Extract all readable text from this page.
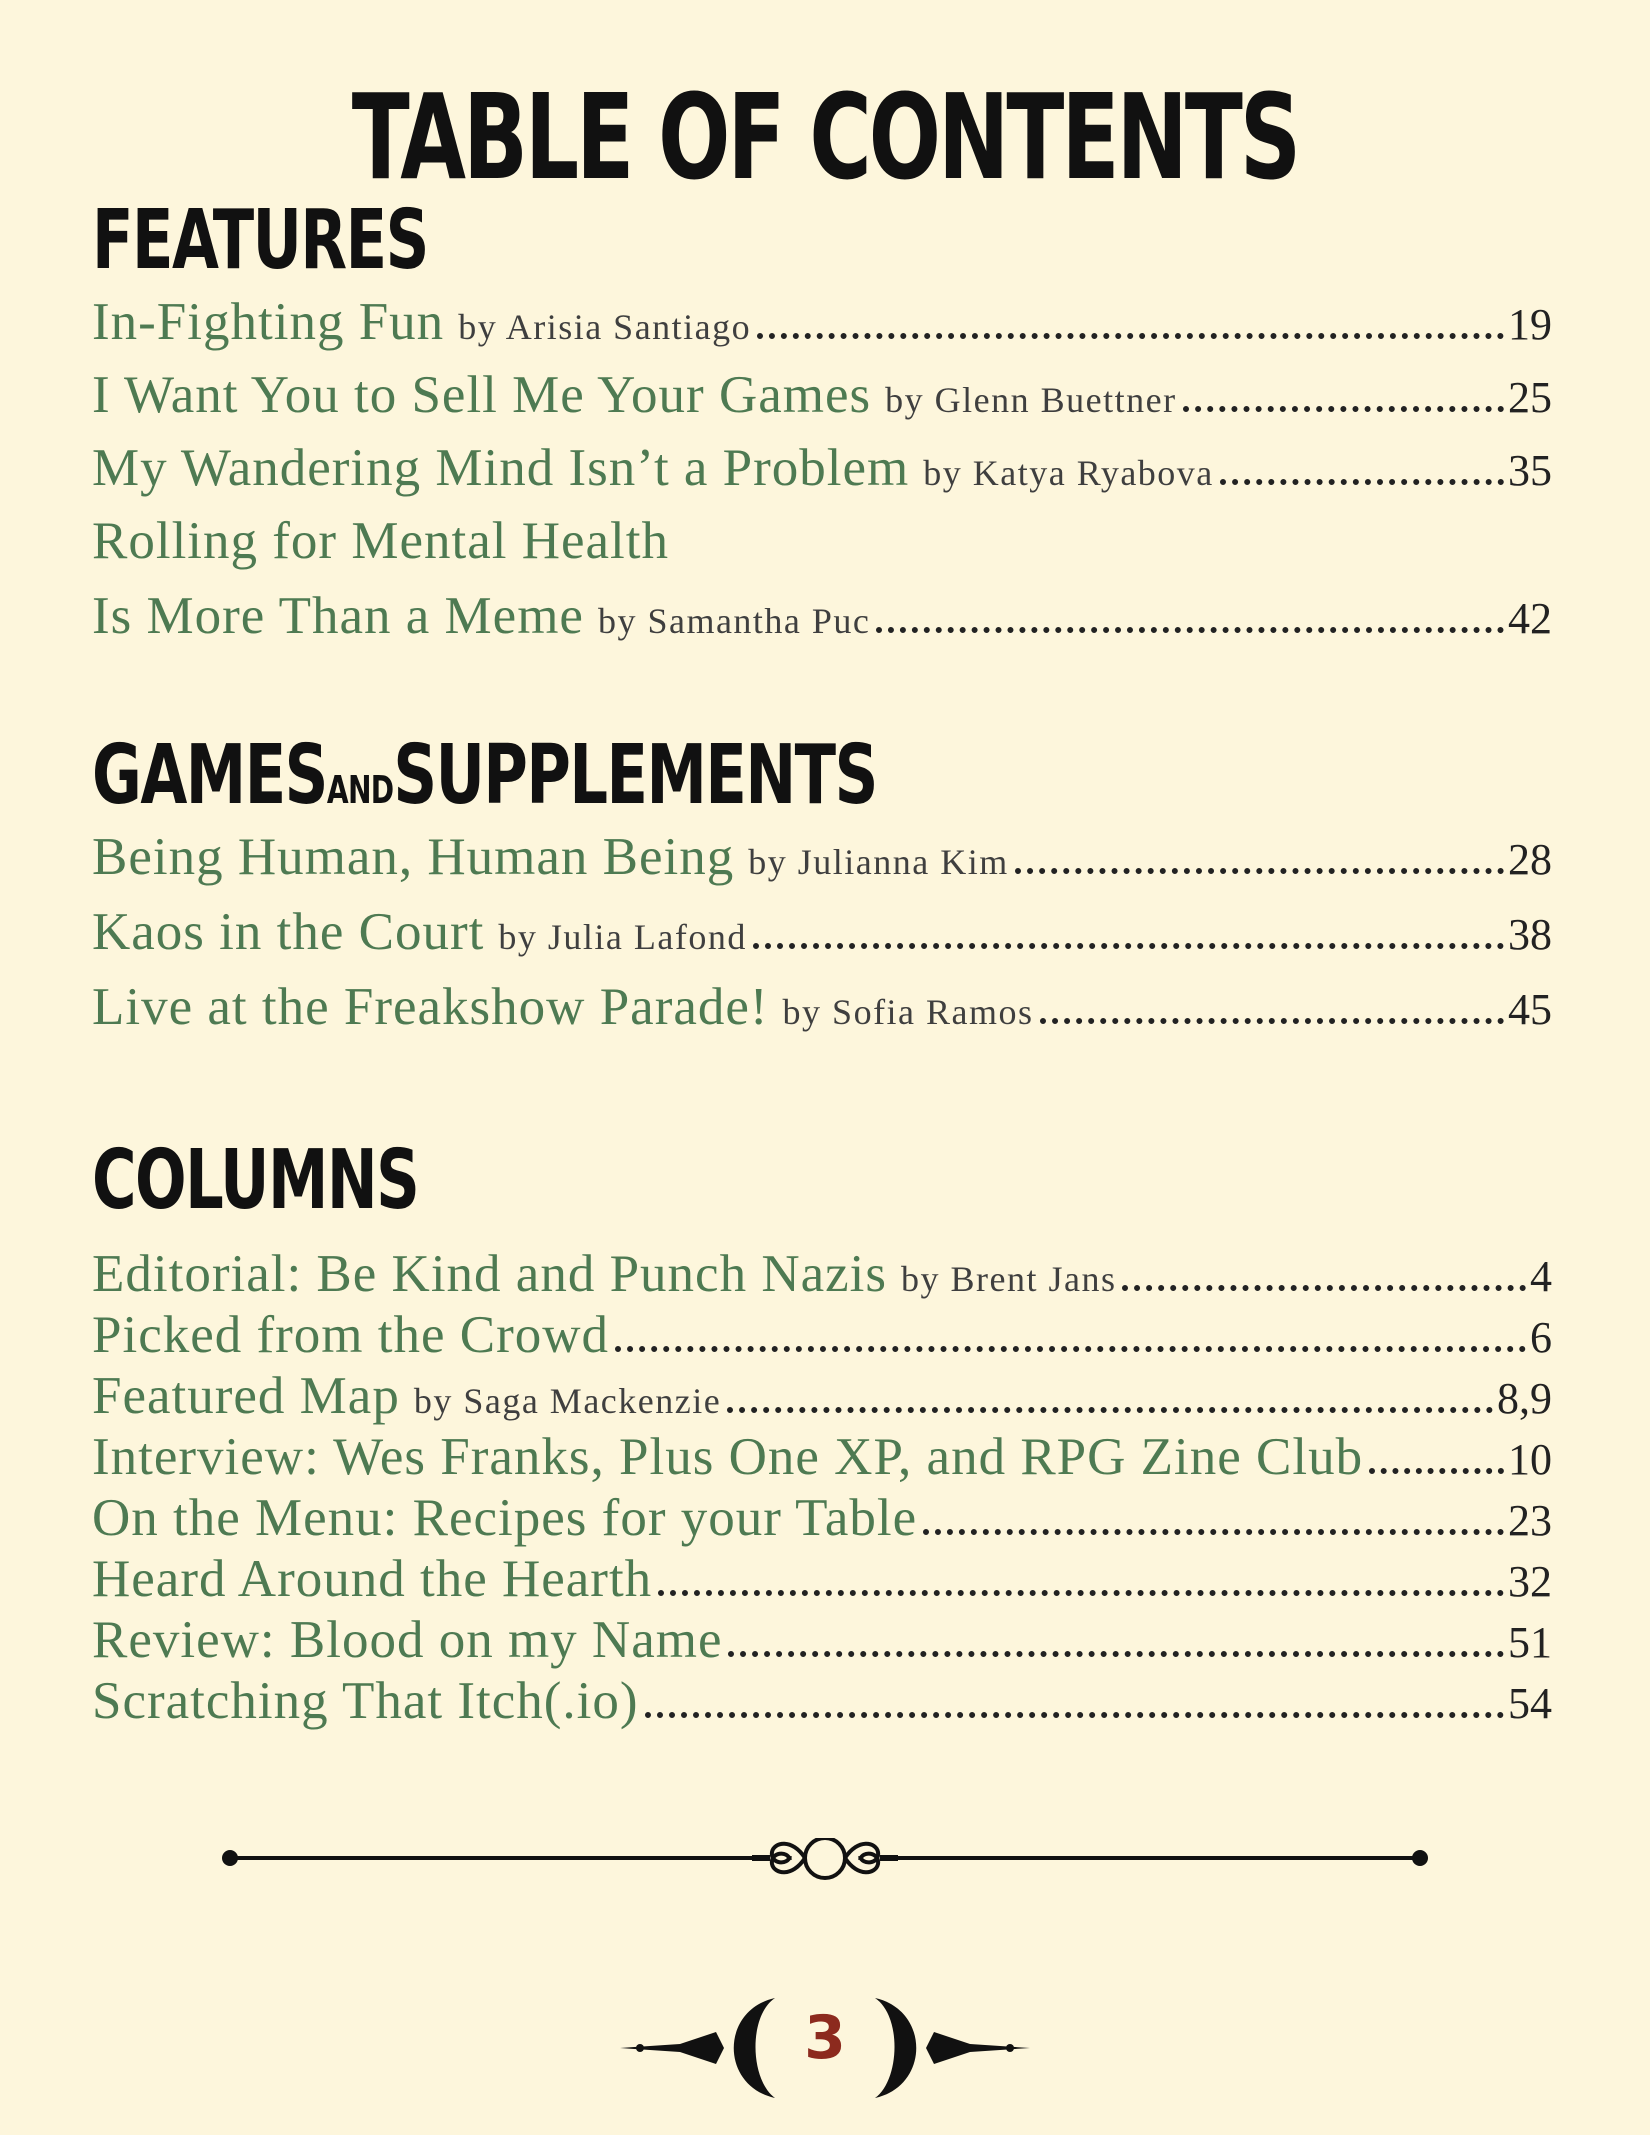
TABLE OF CONTENTS
FEATURES
In-Fighting Fun by Arisia Santiago	19
I Want You to Sell Me Your Games by Glenn Buettner	25
My Wandering Mind Isn’t a Problem by Katya Ryabova	35
Rolling for Mental Health
Is More Than a Meme by Samantha Puc	42
GAMESANDSUPPLEMENTS
Being Human, Human Being by Julianna Kim	28
Kaos in the Court by Julia Lafond	38
Live at the Freakshow Parade! by Sofia Ramos	45
COLUMNS
Editorial: Be Kind and Punch Nazis by Brent Jans	4
Picked from the Crowd	6
Featured Map by Saga Mackenzie	8,9
Interview: Wes Franks, Plus One XP, and RPG Zine Club	10
On the Menu: Recipes for your Table	23
Heard Around the Hearth	32
Review: Blood on my Name	51
Scratching That Itch(.io)	54
3
